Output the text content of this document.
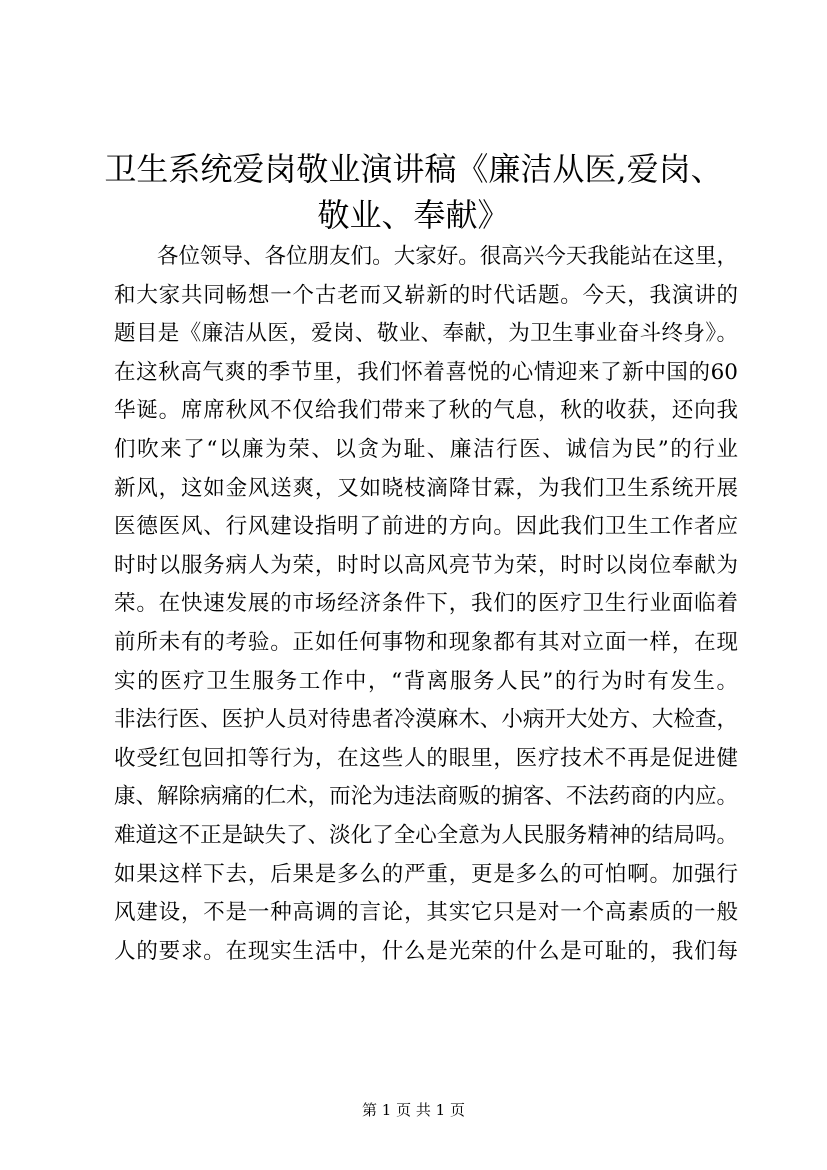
卫生系统爱岗敬业演讲稿《廉洁从医,爱岗、
敬业、奉献》
各位领导、各位朋友们。大家好。很高兴今天我能站在这里，
和大家共同畅想一个古老而又崭新的时代话题。今天，我演讲的
题目是《廉洁从医，爱岗、敬业、奉献，为卫生事业奋斗终身》。
在这秋高气爽的季节里，我们怀着喜悦的心情迎来了新中国的60
华诞。席席秋风不仅给我们带来了秋的气息，秋的收获，还向我
们吹来了“以廉为荣、以贪为耻、廉洁行医、诚信为民”的行业
新风，这如金风送爽，又如晓枝滴降甘霖，为我们卫生系统开展
医德医风、行风建设指明了前进的方向。因此我们卫生工作者应
时时以服务病人为荣，时时以高风亮节为荣，时时以岗位奉献为
荣。在快速发展的市场经济条件下，我们的医疗卫生行业面临着
前所未有的考验。正如任何事物和现象都有其对立面一样，在现
实的医疗卫生服务工作中，“背离服务人民”的行为时有发生。
非法行医、医护人员对待患者冷漠麻木、小病开大处方、大检查，
收受红包回扣等行为，在这些人的眼里，医疗技术不再是促进健
康、解除病痛的仁术，而沦为违法商贩的掮客、不法药商的内应。
难道这不正是缺失了、淡化了全心全意为人民服务精神的结局吗。
如果这样下去，后果是多么的严重，更是多么的可怕啊。加强行
风建设，不是一种高调的言论，其实它只是对一个高素质的一般
人的要求。在现实生活中，什么是光荣的什么是可耻的，我们每
第 1 页 共 1 页
